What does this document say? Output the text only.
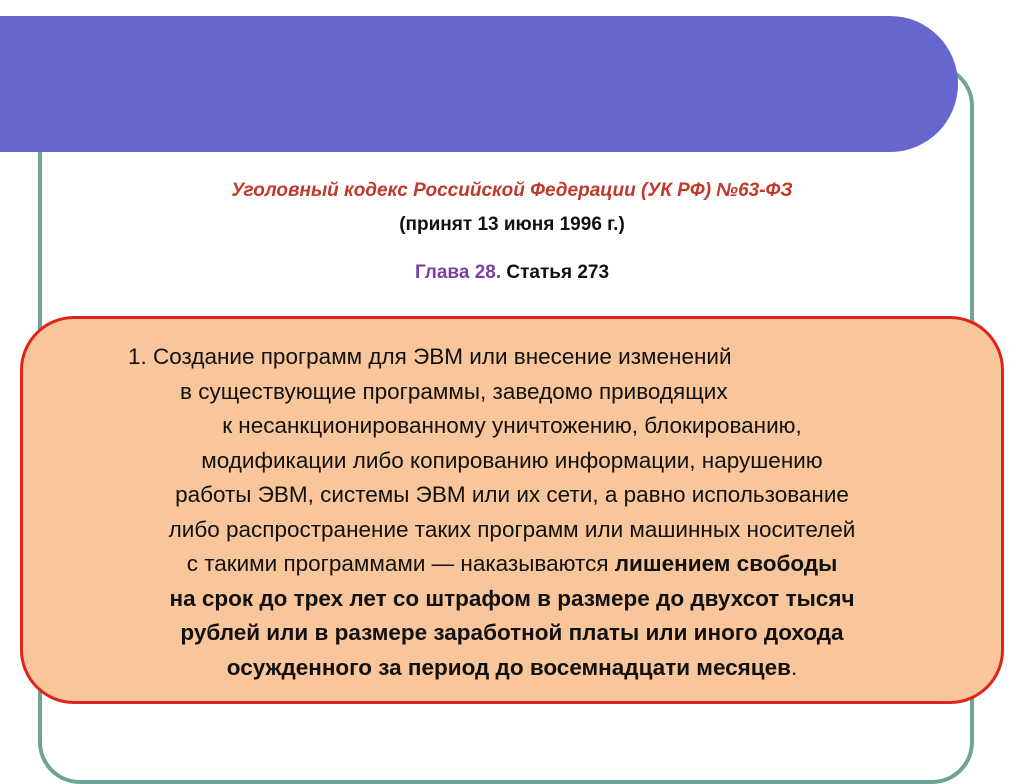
Уголовный кодекс Российской Федерации (УК РФ) №63-ФЗ
(принят 13 июня 1996 г.)
Глава 28. Статья 273
1. Создание программ для ЭВМ или внесение изменений
в существующие программы, заведомо приводящих
к несанкционированному уничтожению, блокированию,
модификации либо копированию информации, нарушению
работы ЭВМ, системы ЭВМ или их сети, а равно использование
либо распространение таких программ или машинных носителей
с такими программами — наказываются лишением свободы
на срок до трех лет со штрафом в размере до двухсот тысяч
рублей или в размере заработной платы или иного дохода
осужденного за период до восемнадцати месяцев.
